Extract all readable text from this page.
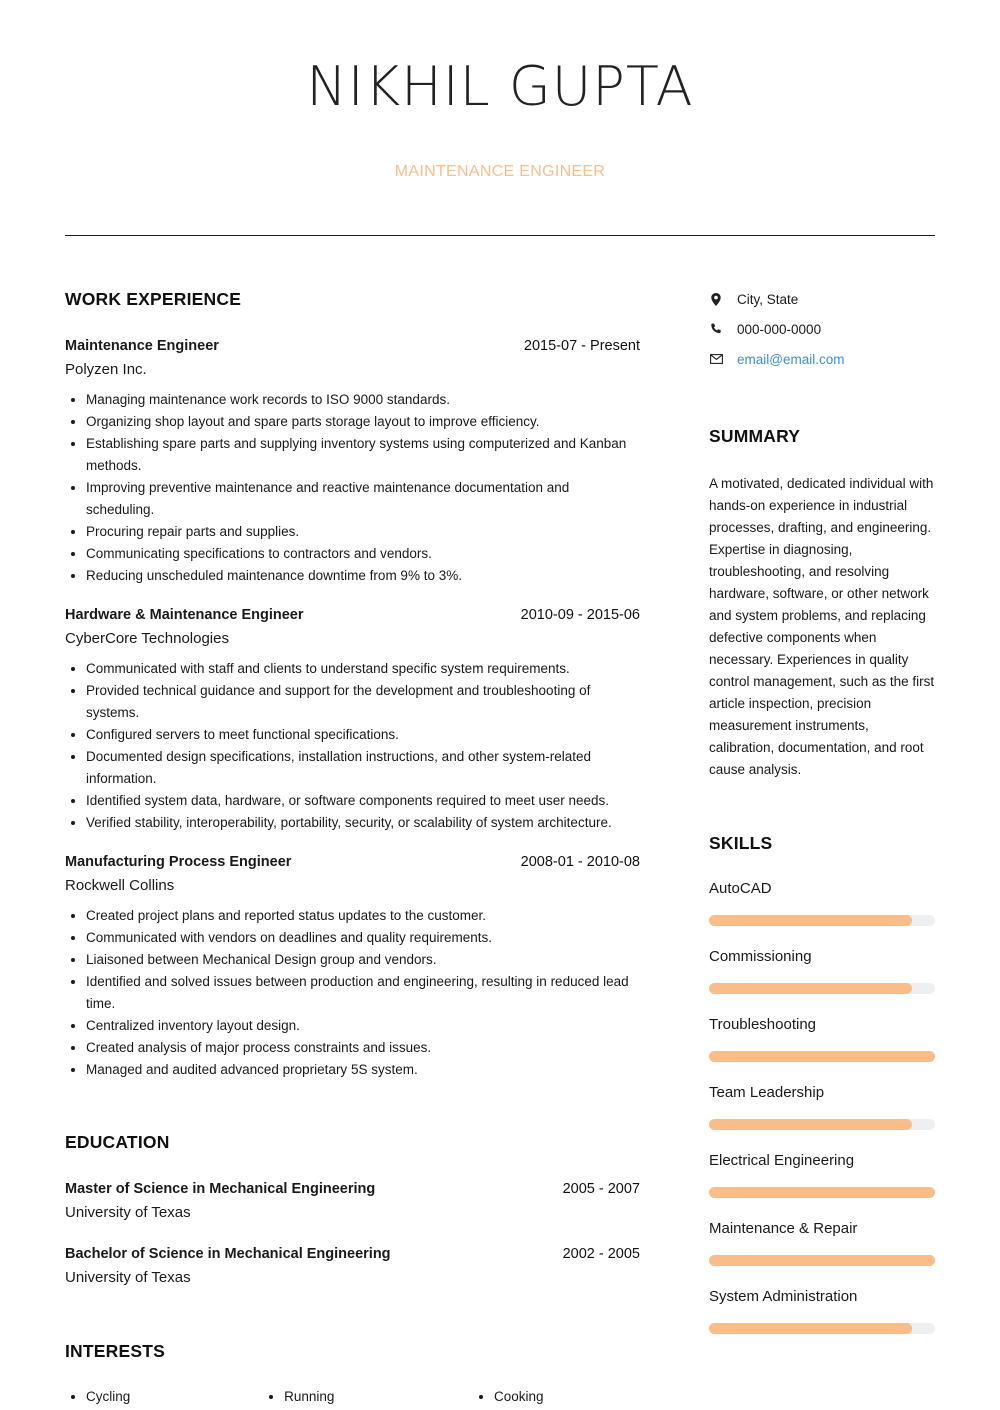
NIKHIL GUPTA
MAINTENANCE ENGINEER
WORK EXPERIENCE
Maintenance Engineer	2015-07 - Present
Polyzen Inc.
• Managing maintenance work records to ISO 9000 standards.
• Organizing shop layout and spare parts storage layout to improve efficiency.
• Establishing spare parts and supplying inventory systems using computerized and Kanban methods.
• Improving preventive maintenance and reactive maintenance documentation and scheduling.
• Procuring repair parts and supplies.
• Communicating specifications to contractors and vendors.
• Reducing unscheduled maintenance downtime from 9% to 3%.
Hardware & Maintenance Engineer	2010-09 - 2015-06
CyberCore Technologies
• Communicated with staff and clients to understand specific system requirements.
• Provided technical guidance and support for the development and troubleshooting of systems.
• Configured servers to meet functional specifications.
• Documented design specifications, installation instructions, and other system-related information.
• Identified system data, hardware, or software components required to meet user needs.
• Verified stability, interoperability, portability, security, or scalability of system architecture.
Manufacturing Process Engineer	2008-01 - 2010-08
Rockwell Collins
• Created project plans and reported status updates to the customer.
• Communicated with vendors on deadlines and quality requirements.
• Liaisoned between Mechanical Design group and vendors.
• Identified and solved issues between production and engineering, resulting in reduced lead time.
• Centralized inventory layout design.
• Created analysis of major process constraints and issues.
• Managed and audited advanced proprietary 5S system.
EDUCATION
Master of Science in Mechanical Engineering	2005 - 2007
University of Texas
Bachelor of Science in Mechanical Engineering	2002 - 2005
University of Texas
INTERESTS
• Cycling	• Running	• Cooking
City, State
000-000-0000
email@email.com
SUMMARY
A motivated, dedicated individual with hands-on experience in industrial processes, drafting, and engineering. Expertise in diagnosing, troubleshooting, and resolving hardware, software, or other network and system problems, and replacing defective components when necessary. Experiences in quality control management, such as the first article inspection, precision measurement instruments, calibration, documentation, and root cause analysis.
SKILLS
AutoCAD
Commissioning
Troubleshooting
Team Leadership
Electrical Engineering
Maintenance & Repair
System Administration
